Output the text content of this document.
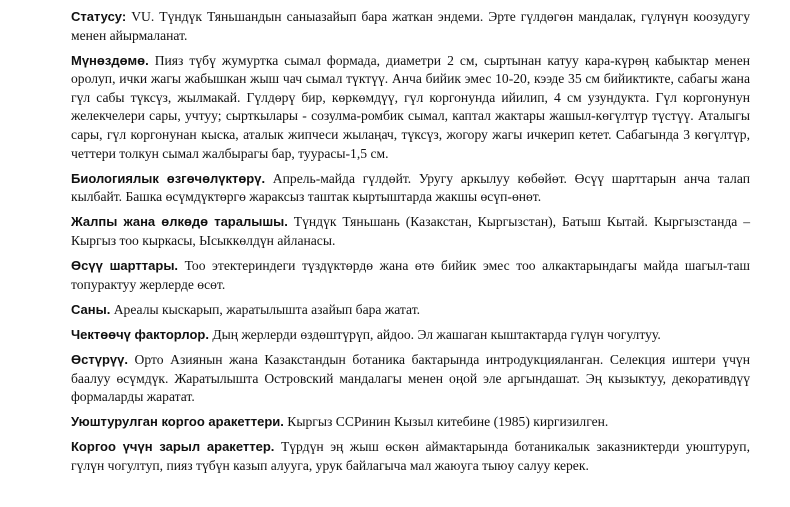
Статусу: VU. Түндүк Тяньшандын саныазайып бара жаткан эндеми. Эрте гүлдөгөн мандалак, гүлүнүн коозудугу менен айырмаланат.

Мүнөздөмө. Пияз түбү жумуртка сымал формада, диаметри 2 см, сыртынан катуу кара-күрөң кабыктар менен оролуп, ички жагы жабышкан жыш чач сымал түктүү. Анча бийик эмес 10-20, кээде 35 см бийиктикте, сабагы жана гүл сабы түксүз, жылмакай. Гүлдөрү бир, көркөмдүү, гүл коргонунда ийилип, 4 см узундукта. Гүл коргонунун желекчелери сары, учтуу; сырткылары - созулма-ромбик сымал, каптал жактары жашыл-көгүлтүр түстүү. Аталыгы сары, гүл коргонунан кыска, аталык жипчеси жылаңач, түксүз, жогору жагы ичкерип кетет. Сабагында 3 көгүлтүр, четтери толкун сымал жалбырагы бар, туурасы-1,5 см.

Биологиялык өзгөчөлүктөрү. Апрель-майда гүлдөйт. Уругу аркылуу көбөйөт. Өсүү шарттарын анча талап кылбайт. Башка өсүмдүктөргө жараксыз таштак кыртыштарда жакшы өсүп-өнөт.

Жалпы жана өлкөдө таралышы. Түндүк Тяньшань (Казакстан, Кыргызстан), Батыш Кытай. Кыргызстанда – Кыргыз тоо кыркасы, Ысыккөлдүн айланасы.

Өсүү шарттары. Тоо этектериндеги түздүктөрдө жана өтө бийик эмес тоо алкактарындагы майда шагыл-таш топурактуу жерлерде өсөт.

Саны. Ареалы кыскарып, жаратылышта азайып бара жатат.

Чектөөчү факторлор. Дың жерлерди өздөштүрүп, айдоо. Эл жашаган кыштактарда гүлүн чогултуу.

Өстүрүү. Орто Азиянын жана Казакстандын ботаника бактарында интродукцияланган. Селекция иштери үчүн баалуу өсүмдүк. Жаратылышта Островский мандалагы менен оңой эле аргындашат. Эң кызыктуу, декоративдүү формаларды жаратат.

Уюштурулган коргоо аракеттери. Кыргыз ССРинин Кызыл китебине (1985) киргизилген.

Коргоо үчүн зарыл аракеттер. Түрдүн эң жыш өскөн аймактарында ботаникалык заказниктерди уюштуруп, гүлүн чогултуп, пияз түбүн казып алууга, урук байлагыча мал жаюуга тыюу салуу керек.
